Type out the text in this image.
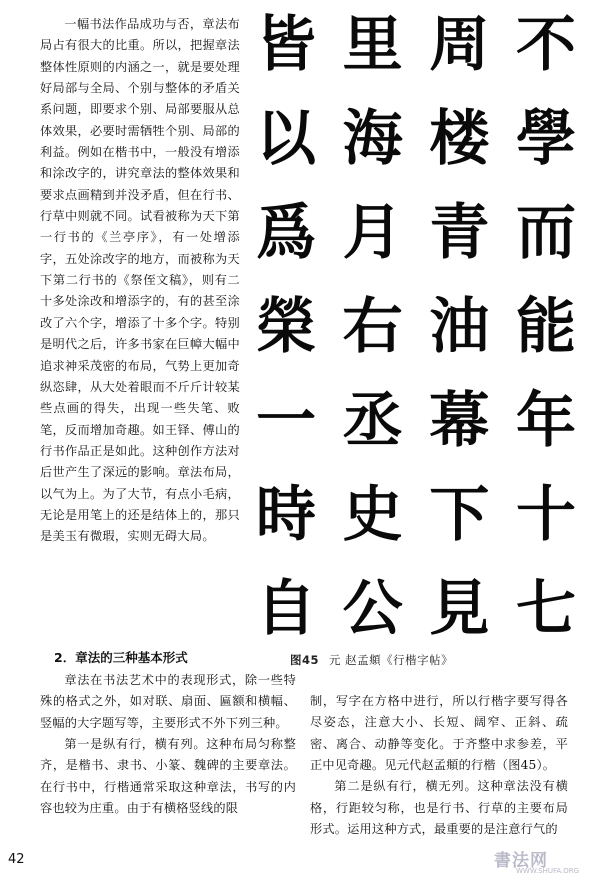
一幅书法作品成功与否，章法布局占有很大的比重。所以，把握章法整体性原则的内涵之一，就是要处理好局部与全局、个别与整体的矛盾关系问题，即要求个别、局部要服从总体效果，必要时需牺牲个别、局部的利益。例如在楷书中，一般没有增添和涂改字的，讲究章法的整体效果和要求点画精到并没矛盾，但在行书、行草中则就不同。试看被称为天下第一行书的《兰亭序》，有一处增添字，五处涂改字的地方，而被称为天下第二行书的《祭侄文稿》，则有二十多处涂改和增添字的，有的甚至涂改了六个字，增添了十多个字。特别是明代之后，许多书家在巨幛大幅中追求神采茂密的布局，气势上更加奇纵恣肆，从大处着眼而不斤斤计较某些点画的得失，出现一些失笔、败笔，反而增加奇趣。如王铎、傅山的行书作品正是如此。这种创作方法对后世产生了深远的影响。章法布局，以气为上。为了大节，有点小毛病，无论是用笔上的还是结体上的，那只是美玉有微瑕，实则无碍大局。

不
學
而
能
年
十
七
周
楼
青
油
幕
下
見
里
海
月
右
丞
史
公
皆
以
爲
榮
一
時
自
图45 元 赵孟頫《行楷字帖》
2．章法的三种基本形式

章法在书法艺术中的表现形式，除一些特殊的格式之外，如对联、扇面、匾额和横幅、竖幅的大字题写等，主要形式不外下列三种。

第一是纵有行，横有列。这种布局匀称整齐，是楷书、隶书、小篆、魏碑的主要章法。在行书中，行楷通常采取这种章法，书写的内容也较为庄重。由于有横格竖线的限

制，写字在方格中进行，所以行楷字要写得各尽姿态，注意大小、长短、阔窄、正斜、疏密、离合、动静等变化。于齐整中求参差，平正中见奇趣。见元代赵孟頫的行楷（图45）。

第二是纵有行，横无列。这种章法没有横格，行距较匀称，也是行书、行草的主要布局形式。运用这种方式，最重要的是注意行气的

42	書法网
WWW.SHUFA.ORG
